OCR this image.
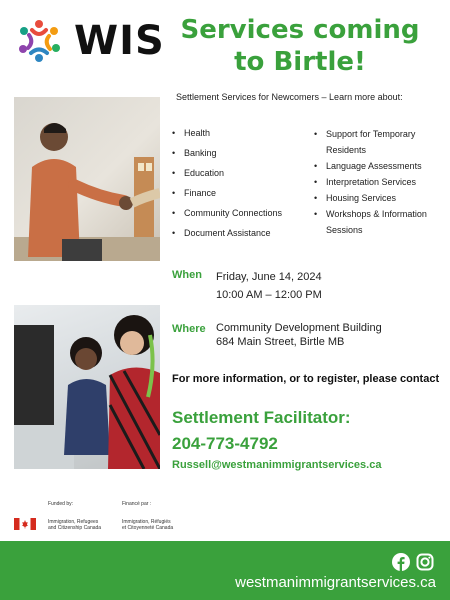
WIS Services coming
to Birtle!
Settlement Services for Newcomers – Learn more about:
• Health
• Banking
• Education
• Finance
• Community Connections
• Document Assistance
• Support for Temporary Residents
• Language Assessments
• Interpretation Services
• Housing Services
• Workshops & Information Sessions
When Friday, June 14, 2024
10:00 AM – 12:00 PM
Where Community Development Building
684 Main Street, Birtle MB
For more information, or to register, please contact
Settlement Facilitator:
204-773-4792
Russell@westmanimmigrantservices.ca
Funded by:	Financé par :
Immigration, Refugees
and Citizenship Canada
Immigration, Réfugiés
et Citoyenneté Canada
westmanimmigrantservices.ca
